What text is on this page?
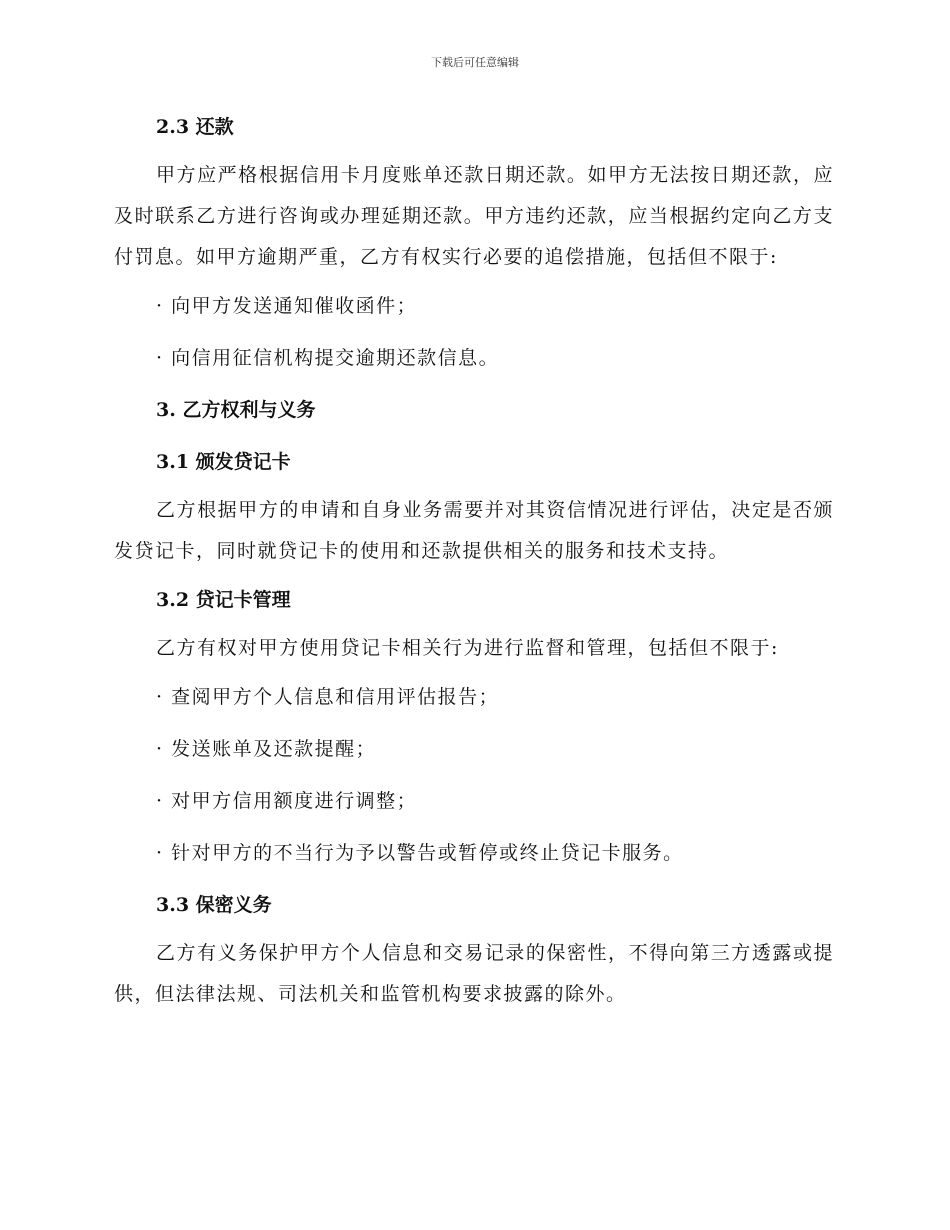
下载后可任意编辑
2.3 还款

甲方应严格根据信用卡月度账单还款日期还款。如甲方无法按日期还款，应及时联系乙方进行咨询或办理延期还款。甲方违约还款，应当根据约定向乙方支付罚息。如甲方逾期严重，乙方有权实行必要的追偿措施，包括但不限于:

· 向甲方发送通知催收函件；

· 向信用征信机构提交逾期还款信息。

3. 乙方权利与义务
3.1 颁发贷记卡

乙方根据甲方的申请和自身业务需要并对其资信情况进行评估，决定是否颁发贷记卡，同时就贷记卡的使用和还款提供相关的服务和技术支持。

3.2 贷记卡管理

乙方有权对甲方使用贷记卡相关行为进行监督和管理，包括但不限于:

· 查阅甲方个人信息和信用评估报告；

· 发送账单及还款提醒；

· 对甲方信用额度进行调整；

· 针对甲方的不当行为予以警告或暂停或终止贷记卡服务。

3.3 保密义务

乙方有义务保护甲方个人信息和交易记录的保密性，不得向第三方透露或提供，但法律法规、司法机关和监管机构要求披露的除外。
